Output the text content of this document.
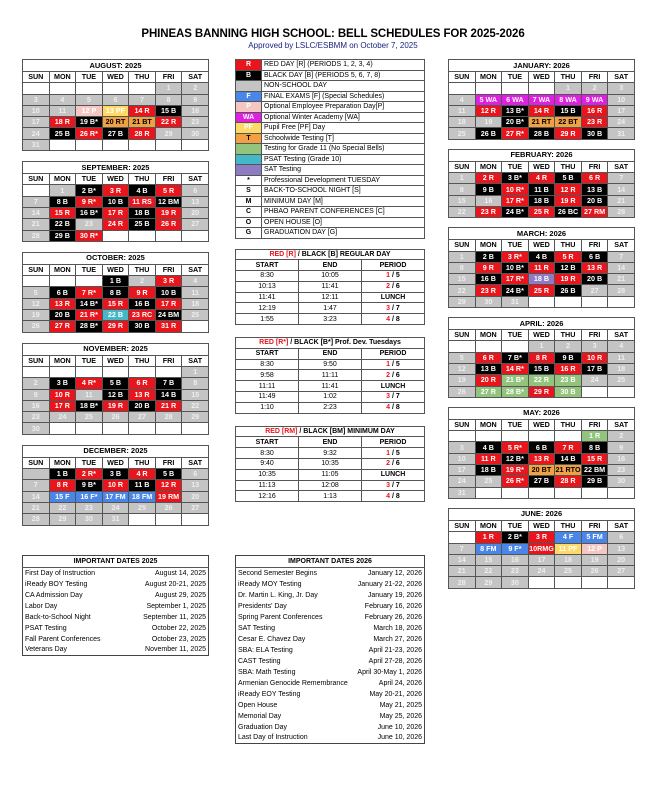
PHINEAS BANNING HIGH SCHOOL: BELL SCHEDULES FOR 2025-2026
Approved by LSLC/ESBMM on October 7, 2025
AUGUST: 2025						
SUN	MON	TUE	WED	THU	FRI	SAT
					1	2
3	4	5	6	7	8	9
10	11	12 P	13 PF	14 R	15 B	16
17	18 R	19 B*	20 RT	21 BT	22 R	23
24	25 B	26 R*	27 B	28 R	29	30
31						
SEPTEMBER: 2025						
SUN	MON	TUE	WED	THU	FRI	SAT
	1	2 B*	3 R	4 B	5 R	6
7	8 B	9 R*	10 B	11 RS	12 BM	13
14	15 R	16 B*	17 R	18 B	19 R	20
21	22 B	23	24 R	25 B	26 R	27
28	29 B	30 R*				
OCTOBER: 2025						
SUN	MON	TUE	WED	THU	FRI	SAT
			1 B	2	3 R	4
5	6 B	7 R*	8 B	9 R	10 B	11
12	13 R	14 B*	15 R	16 B	17 R	18
19	20 B	21 R*	22 B	23 RC	24 BM	25
26	27 R	28 B*	29 R	30 B	31 R	
NOVEMBER: 2025						
SUN	MON	TUE	WED	THU	FRI	SAT
						1
2	3 B	4 R*	5 B	6 R	7 B	8
9	10 R	11	12 B	13 R	14 B	15
16	17 R	18 B*	19 R	20 B	21 R	22
23	24	25	26	27	28	29
30						
DECEMBER: 2025						
SUN	MON	TUE	WED	THU	FRI	SAT
	1 B	2 R*	3 B	4 R	5 B	6
7	8 R	9 B*	10 R	11 B	12 R	13
14	15 F	16 F*	17 FM	18 FM	19 RM	20
21	22	23	24	25	26	27
28	29	30	31			
JANUARY: 2026						
SUN	MON	TUE	WED	THU	FRI	SAT
				1	2	3
4	5 WA	6 WA	7 WA	8 WA	9 WA	10
11	12 R	13 B*	14 R	15 B	16 R	17
18	19	20 B*	21 RT	22 BT	23 R	24
25	26 B	27 R*	28 B	29 R	30 B	31
FEBRUARY: 2026						
SUN	MON	TUE	WED	THU	FRI	SAT
1	2 R	3 B*	4 R	5 B	6 R	7
8	9 B	10 R*	11 B	12 R	13 B	14
15	16	17 R*	18 B	19 R	20 B	21
22	23 R	24 B*	25 R	26 BC	27 RM	28
MARCH: 2026						
SUN	MON	TUE	WED	THU	FRI	SAT
1	2 B	3 R*	4 B	5 R	6 B	7
8	9 R	10 B*	11 R	12 B	13 R	14
15	16 B	17 R*	18 B	19 R	20 B	21
22	23 R	24 B*	25 R	26 B	27	28
29	30	31				
APRIL: 2026						
SUN	MON	TUE	WED	THU	FRI	SAT
			1	2	3	4
5	6 R	7 B*	8 R	9 B	10 R	11
12	13 B	14 R*	15 B	16 R	17 B	18
19	20 R	21 B*	22 R	23 B	24	25
26	27 R	28 B*	29 R	30 B		
MAY: 2026						
SUN	MON	TUE	WED	THU	FRI	SAT
					1 R	2
3	4 B	5 R*	6 B	7 R	8 B	9
10	11 R	12 B*	13 R	14 B	15 R	16
17	18 B	19 R*	20 BT	21 RTO	22 BM	23
24	25	26 R*	27 B	28 R	29 B	30
31						
JUNE: 2026						
SUN	MON	TUE	WED	THU	FRI	SAT
	1 R	2 B*	3 R	4 F	5 FM	6
7	8 FM	9 F*	10RMG	11 PF	12 P	13
14	15	16	17	18	19	20
21	22	23	24	25	26	27
28	29	30				
R	RED DAY [R] (PERIODS 1, 2, 3, 4)
B	BLACK DAY [B] (PERIODS 5, 6, 7, 8)
	NON-SCHOOL DAY
F	FINAL EXAMS [F] (Special Schedules)
P	Optional Employee Preparation Day[P]
WA	Optional Winter Academy [WA]
PF	Pupil Free [PF] Day
T	Schoolwide Testing [T]
	Testing for Grade 11 (No Special Bells)
	PSAT Testing (Grade 10)
	SAT Testing
*	Professional Development TUESDAY
S	BACK-TO-SCHOOL NIGHT [S]
M	MINIMUM DAY [M]
C	PHBAO PARENT CONFERENCES [C]
O	OPEN HOUSE [O]
G	GRADUATION DAY [G]
RED [R] / BLACK [B] REGULAR DAY		
START	END	PERIOD
8:30	10:05	1 / 5
10:13	11:41	2 / 6
11:41	12:11	LUNCH
12:19	1:47	3 / 7
1:55	3:23	4 / 8
RED [R*] / BLACK [B*] Prof. Dev. Tuesdays		
START	END	PERIOD
8:30	9:50	1 / 5
9:58	11:11	2 / 6
11:11	11:41	LUNCH
11:49	1:02	3 / 7
1:10	2:23	4 / 8
RED [RM] / BLACK [BM] MINIMUM DAY		
START	END	PERIOD
8:30	9:32	1 / 5
9:40	10:35	2 / 6
10:35	11:05	LUNCH
11:13	12:08	3 / 7
12:16	1:13	4 / 8
IMPORTANT DATES 2025	
First Day of Instruction	August 14, 2025
iReady BOY Testing	August 20-21, 2025
CA Admission Day	August 29, 2025
Labor Day	September 1, 2025
Back-to-School Night	September 11, 2025
PSAT Testing	October 22, 2025
Fall Parent Conferences	October 23, 2025
Veterans Day	November 11, 2025
IMPORTANT DATES 2026	
Second Semester Begins	January 12, 2026
iReady MOY Testing	January 21-22, 2026
Dr. Martin L. King, Jr. Day	January 19, 2026
Presidents' Day	February 16, 2026
Spring Parent Conferences	February 26, 2026
SAT Testing	March 18, 2026
Cesar E. Chavez Day	March 27, 2026
SBA: ELA Testing	April 21-23, 2026
CAST Testing	April 27-28, 2026
SBA: Math Testing	April 30-May 1, 2026
Armenian Genocide Remembrance	April 24, 2026
iReady EOY Testing	May 20-21, 2026
Open House	May 21, 2025
Memorial Day	May 25, 2026
Graduation Day	June 10, 2026
Last Day of Instruction	June 10, 2026
